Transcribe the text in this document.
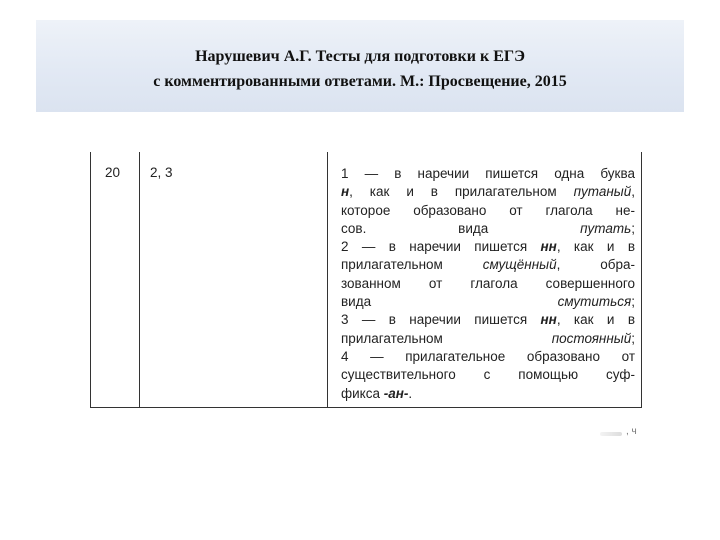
Нарушевич А.Г. Тесты для подготовки к ЕГЭ
с комментированными ответами. М.: Просвещение, 2015
20 2, 3	1 — в наречии пишется одна буква
н, как и в прилагательном путаный,
которое образовано от глагола не-
сов. вида путать;
2 — в наречии пишется нн, как и в
прилагательном смущённый, обра-
зованном от глагола совершенного
вида смутиться;
3 — в наречии пишется нн, как и в
прилагательном постоянный;
4 — прилагательное образовано от
существительного с помощью суф-
фикса -ан-.
, ч
